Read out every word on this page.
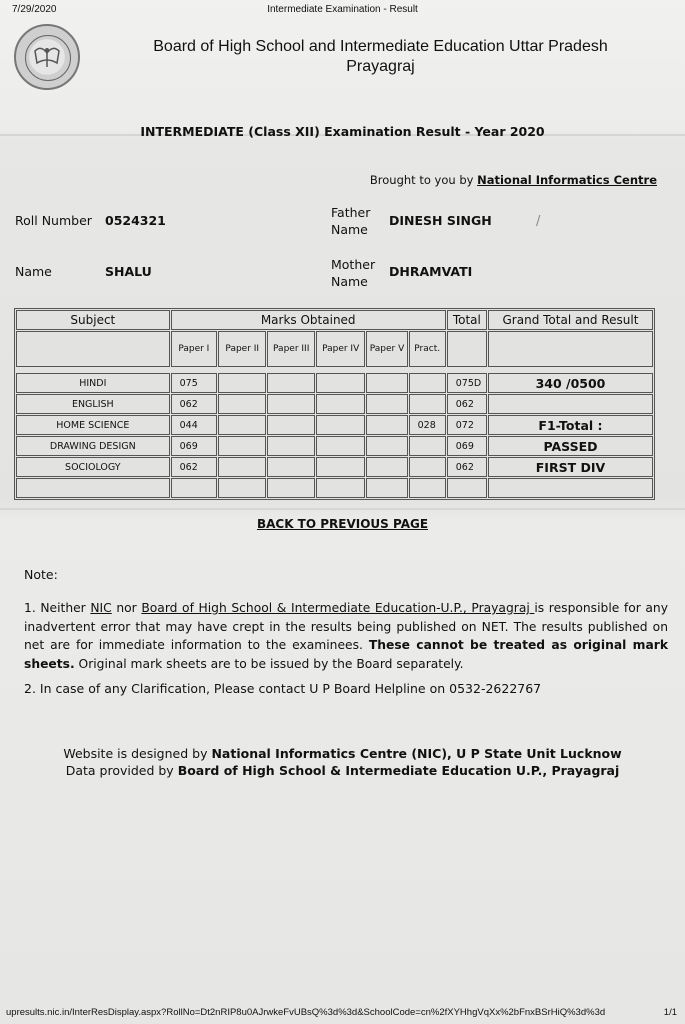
7/29/2020	Intermediate Examination - Result
Board of High School and Intermediate Education Uttar Pradesh
Prayagraj
INTERMEDIATE (Class XII) Examination Result - Year 2020
Brought to you by National Informatics Centre
Roll Number 0524321
Father
Name
DINESH SINGH	/
Name	SHALU	Mother
Name
DHRAMVATI
Subject	Marks Obtained						Total	Grand Total and Result
	Paper I	Paper II	Paper III	Paper IV	Paper V	Pract.		

HINDI	075						075D	340 /0500
ENGLISH	062						062	
HOME SCIENCE	044					028	072	F1-Total :
DRAWING DESIGN	069						069	PASSED
SOCIOLOGY	062						062	FIRST DIV

BACK TO PREVIOUS PAGE
Note:
1. Neither NIC nor Board of High School & Intermediate Education-U.P., Prayagraj is responsible for any inadvertent error that may have crept in the results being published on NET. The results published on net are for immediate information to the examinees. These cannot be treated as original mark sheets. Original mark sheets are to be issued by the Board separately.
2. In case of any Clarification, Please contact U P Board Helpline on 0532-2622767
Website is designed by National Informatics Centre (NIC), U P State Unit Lucknow
Data provided by Board of High School & Intermediate Education U.P., Prayagraj
upresults.nic.in/InterResDisplay.aspx?RollNo=Dt2nRIP8u0AJrwkeFvUBsQ%3d%3d&SchoolCode=cn%2fXYHhgVqXx%2bFnxBSrHiQ%3d%3d	1/1
